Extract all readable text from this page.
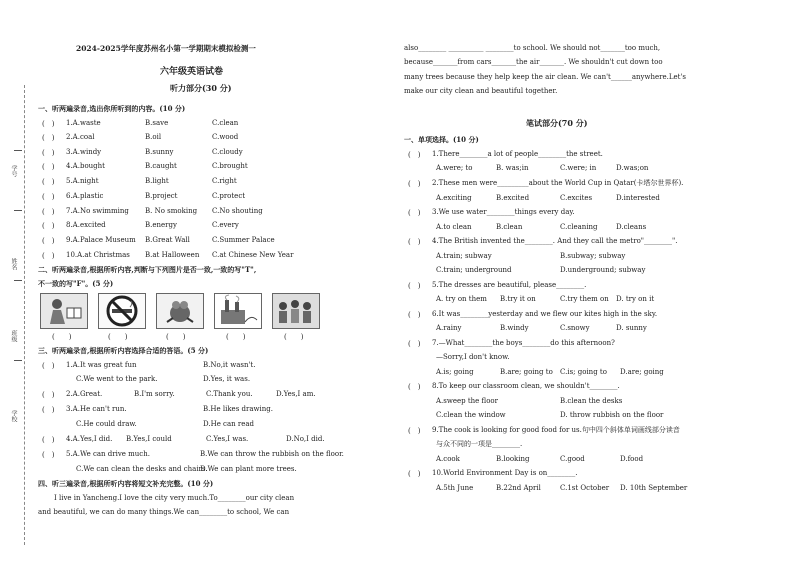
学号
姓名
班级
学校
2024-2025学年度苏州名小第一学期期末模拟检测一
六年级英语试卷
听力部分(30 分)
一、听两遍录音,选出你所听到的内容。(10 分)
(　) 1.A.waste	B.save	C.clean
(　) 2.A.coal	B.oil	C.wood
(　) 3.A.windy	B.sunny	C.cloudy
(　) 4.A.bought	B.caught	C.brought
(　) 5.A.night	B.light	C.right
(　) 6.A.plastic	B.project	C.protect
(　) 7.A.No swimming B. No smoking C.No shouting
(　) 8.A.excited	B.energy	C.every
(　) 9.A.Palace Museum B.Great Wall	C.Summer Palace
(　) 10.A.at Christmas B.at Halloween C.at Chinese New Year
二、听两遍录音,根据所听内容,判断与下列图片是否一致,一致的写"T",
不一致的写"F"。(5 分)
(　　)	(　　)	(　　)	(　　)	(　　)
三、听两遍录音,根据所听内容选择合适的答语。(5 分)
(　) 1.A.It was great fun	B.No,it wasn't.
C.We went to the park.	D.Yes, it was.
(　) 2.A.Great.	B.I'm sorry.	C.Thank you.	D.Yes,I am.
(　) 3.A.He can't run.	B.He likes drawing.
C.He could draw.	D.He can read
(　) 4.A.Yes,I did. B.Yes,I could	C.Yes,I was.	D.No,I did.
(　) 5.A.We can drive much.	B.We can throw the rubbish on the floor.
C.We can clean the desks and chairs.
D.We can plant more trees.
四、听三遍录音,根据所听内容将短文补充完整。(10 分)
I live in Yancheng.I love the city very much.To________our city clean
and beautiful, we can do many things.We can________to school, We can
also________ __________ ________to school. We should not_______too much,
because_______from cars_______the air_______. We shouldn't cut down too
many trees because they help keep the air clean. We can't______anywhere.Let's
make our city clean and beautiful together.
笔试部分(70 分)
一、单项选择。(10 分)
(　) 1.There________a lot of people________the street.
A.were; to	B. was;in	C.were; in	D.was;on
(　) 2.These men were_________about the World Cup in Qatar(卡塔尔世界杯).
A.exciting	B.excited	C.excites	D.interested
(　) 3.We use water________things every day.
A.to clean	B.clean	C.cleaning	D.cleans
(　) 4.The British invented the________. And they call the metro"________".
A.train; subway	B.subway; subway
C.train; underground	D.underground; subway
(　) 5.The dresses are beautiful, please________.
A. try on them B.try it on	C.try them on D. try on it
(　) 6.It was________yesterday and we flew our kites high in the sky.
A.rainy	B.windy	C.snowy	D. sunny
(　) 7.—What________the boys________do this afternoon?
—Sorry,I don't know.
A.is; going	B.are; going to C.is; going to D.are; going
(　) 8.To keep our classroom clean, we shouldn't________.
A.sweep the floor	B.clean the desks
C.clean the window	D. throw rubbish on the floor
(　) 9.The cook is looking for good food for us.句中四个斜体单词画线部分读音
与众不同的一项是________.
A.cook	B.looking	C.good	D.food
(　) 10.World Environment Day is on________.
A.5th June	B.22nd April	C.1st October D. 10th September
